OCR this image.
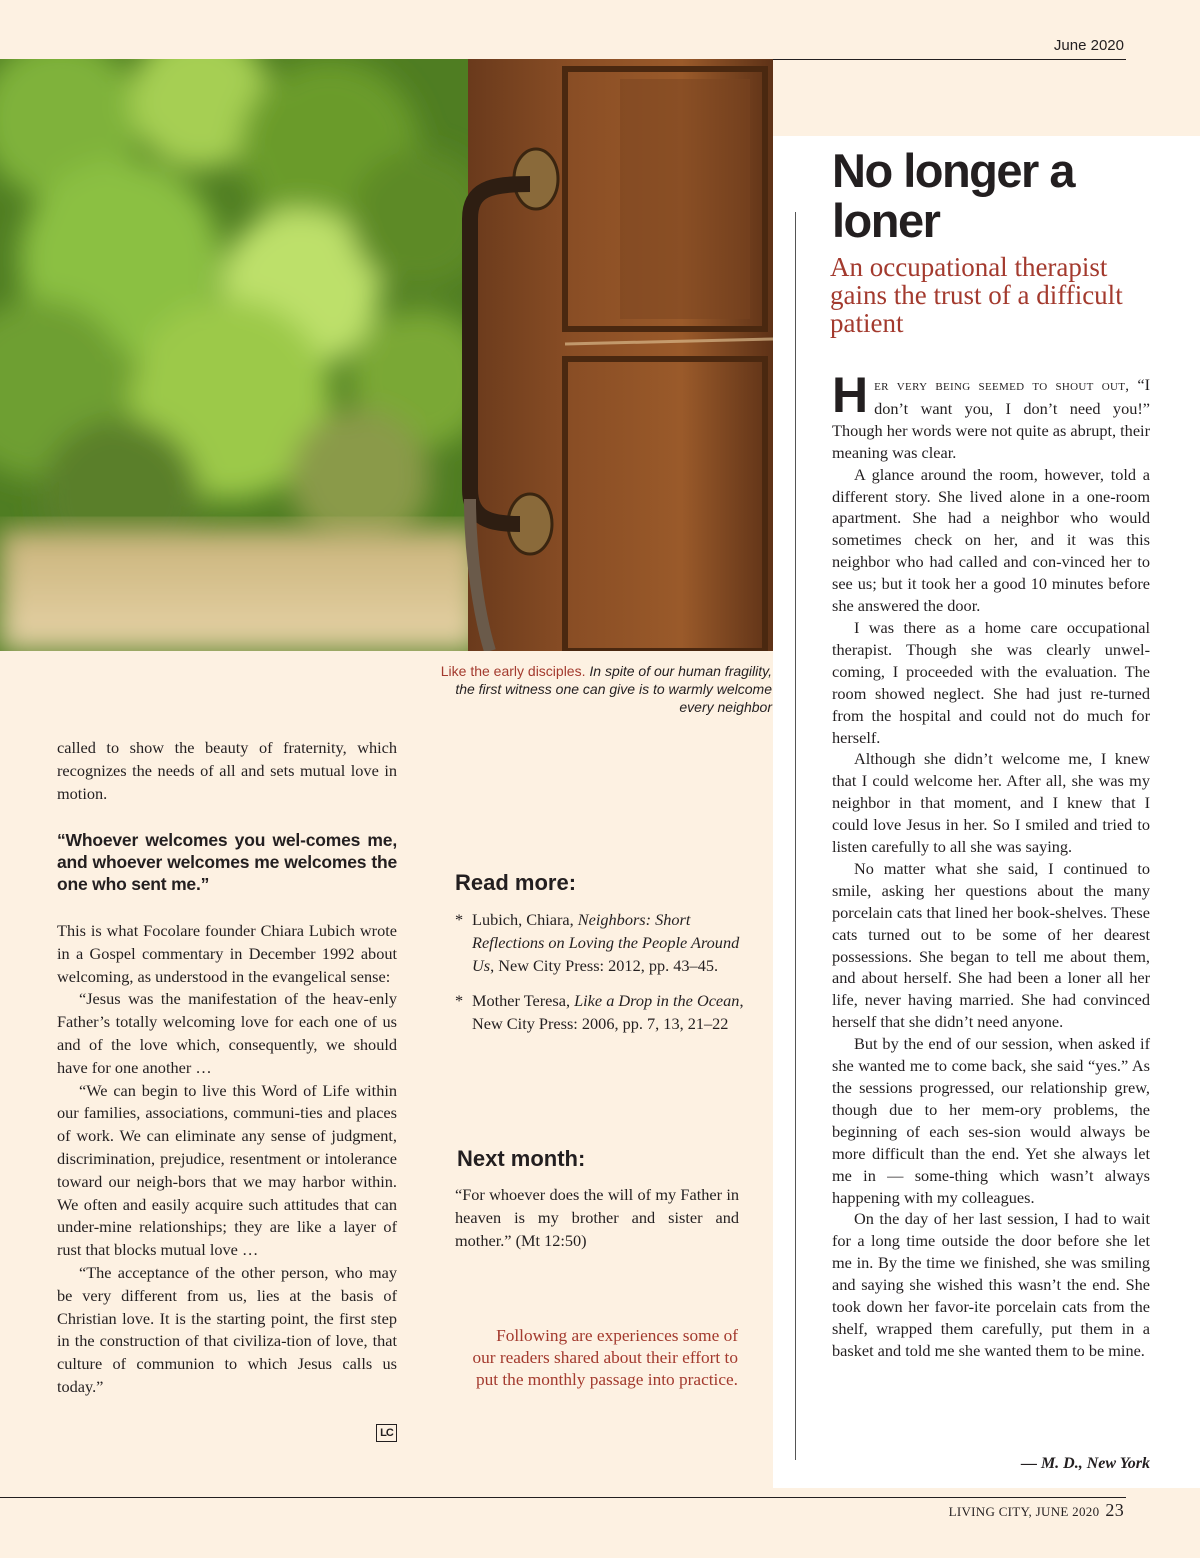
June 2020
Like the early disciples. In spite of our human fragility, the first witness one can give is to warmly welcome every neighbor

called to show the beauty of fraternity, which recognizes the needs of all and sets mutual love in motion.

“Whoever welcomes you wel-comes me, and whoever welcomes me welcomes the one who sent me.”

This is what Focolare founder Chiara Lubich wrote in a Gospel commentary in December 1992 about welcoming, as understood in the evangelical sense:

“Jesus was the manifestation of the heav-enly Father’s totally welcoming love for each one of us and of the love which, consequently, we should have for one another …

“We can begin to live this Word of Life within our families, associations, communi-ties and places of work. We can eliminate any sense of judgment, discrimination, prejudice, resentment or intolerance toward our neigh-bors that we may harbor within. We often and easily acquire such attitudes that can under-mine relationships; they are like a layer of rust that blocks mutual love …

“The acceptance of the other person, who may be very different from us, lies at the basis of Christian love. It is the starting point, the first step in the construction of that civiliza-tion of love, that culture of communion to which Jesus calls us today.”

LC
Read more:
* Lubich, Chiara, Neighbors: Short Reflections on Loving the People Around Us, New City Press: 2012, pp. 43–45.
* Mother Teresa, Like a Drop in the Ocean, New City Press: 2006, pp. 7, 13, 21–22
Next month:
“For whoever does the will of my Father in heaven is my brother and sister and mother.” (Mt 12:50)
Following are experiences some of our readers shared about their effort to put the monthly passage into practice.
No longer a loner
An occupational therapist gains the trust of a difficult patient

Her very being seemed to shout out, “I don’t want you, I don’t need you!” Though her words were not quite as abrupt, their meaning was clear.

A glance around the room, however, told a different story. She lived alone in a one-room apartment. She had a neighbor who would sometimes check on her, and it was this neighbor who had called and con-vinced her to see us; but it took her a good 10 minutes before she answered the door.

I was there as a home care occupational therapist. Though she was clearly unwel-coming, I proceeded with the evaluation. The room showed neglect. She had just re-turned from the hospital and could not do much for herself.

Although she didn’t welcome me, I knew that I could welcome her. After all, she was my neighbor in that moment, and I knew that I could love Jesus in her. So I smiled and tried to listen carefully to all she was saying.

No matter what she said, I continued to smile, asking her questions about the many porcelain cats that lined her book-shelves. These cats turned out to be some of her dearest possessions. She began to tell me about them, and about herself. She had been a loner all her life, never having married. She had convinced herself that she didn’t need anyone.

But by the end of our session, when asked if she wanted me to come back, she said “yes.” As the sessions progressed, our relationship grew, though due to her mem-ory problems, the beginning of each ses-sion would always be more difficult than the end. Yet she always let me in — some-thing which wasn’t always happening with my colleagues.

On the day of her last session, I had to wait for a long time outside the door before she let me in. By the time we finished, she was smiling and saying she wished this wasn’t the end. She took down her favor-ite porcelain cats from the shelf, wrapped them carefully, put them in a basket and told me she wanted them to be mine.

— M. D., New York
LIVING CITY, JUNE 2020 23
